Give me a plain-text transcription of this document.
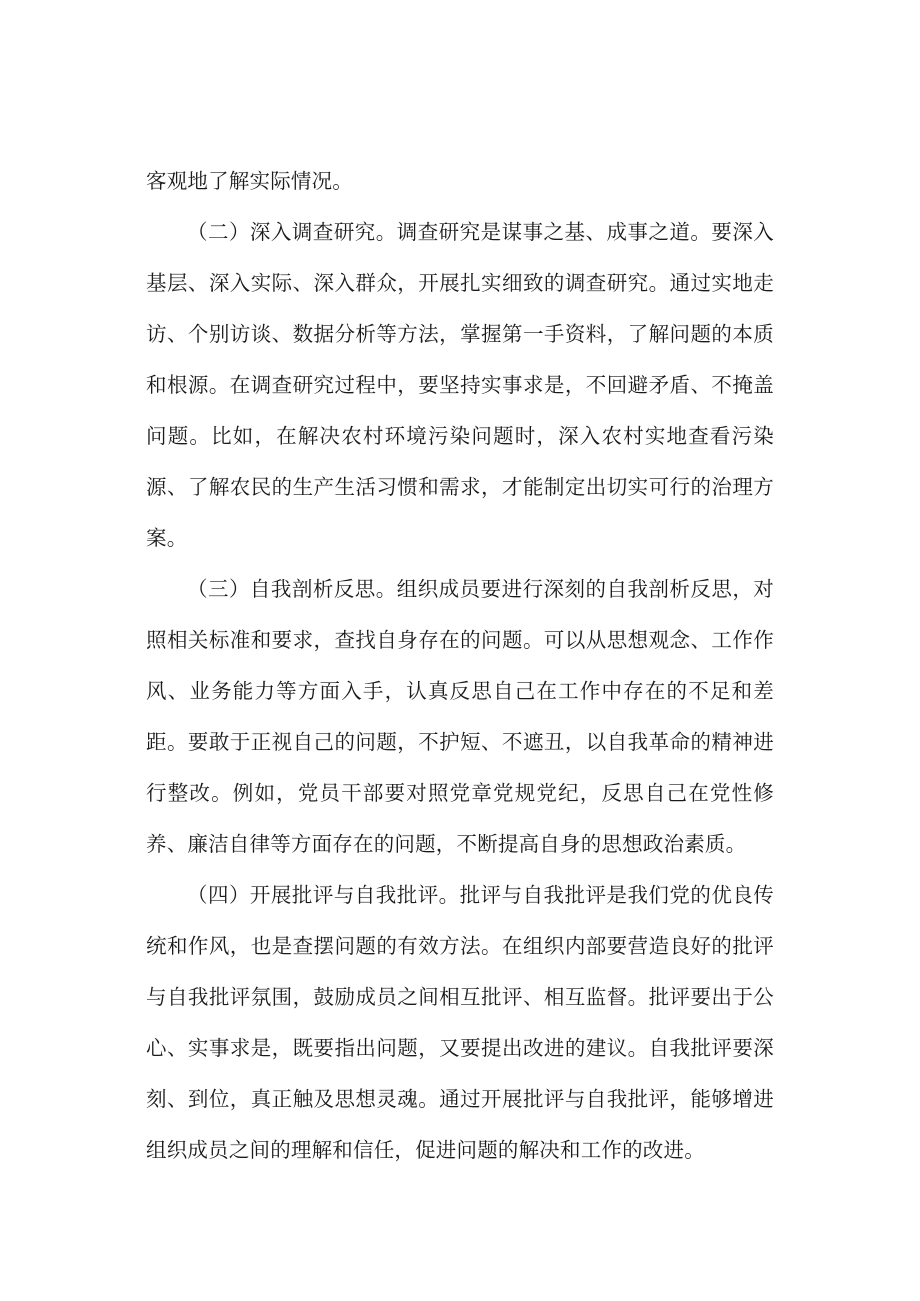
客观地了解实际情况。

（二）深入调查研究。调查研究是谋事之基、成事之道。要深入基层、深入实际、深入群众，开展扎实细致的调查研究。通过实地走访、个别访谈、数据分析等方法，掌握第一手资料，了解问题的本质和根源。在调查研究过程中，要坚持实事求是，不回避矛盾、不掩盖问题。比如，在解决农村环境污染问题时，深入农村实地查看污染源、了解农民的生产生活习惯和需求，才能制定出切实可行的治理方案。

（三）自我剖析反思。组织成员要进行深刻的自我剖析反思，对照相关标准和要求，查找自身存在的问题。可以从思想观念、工作作风、业务能力等方面入手，认真反思自己在工作中存在的不足和差距。要敢于正视自己的问题，不护短、不遮丑，以自我革命的精神进行整改。例如，党员干部要对照党章党规党纪，反思自己在党性修养、廉洁自律等方面存在的问题，不断提高自身的思想政治素质。

（四）开展批评与自我批评。批评与自我批评是我们党的优良传统和作风，也是查摆问题的有效方法。在组织内部要营造良好的批评与自我批评氛围，鼓励成员之间相互批评、相互监督。批评要出于公心、实事求是，既要指出问题，又要提出改进的建议。自我批评要深刻、到位，真正触及思想灵魂。通过开展批评与自我批评，能够增进组织成员之间的理解和信任，促进问题的解决和工作的改进。
